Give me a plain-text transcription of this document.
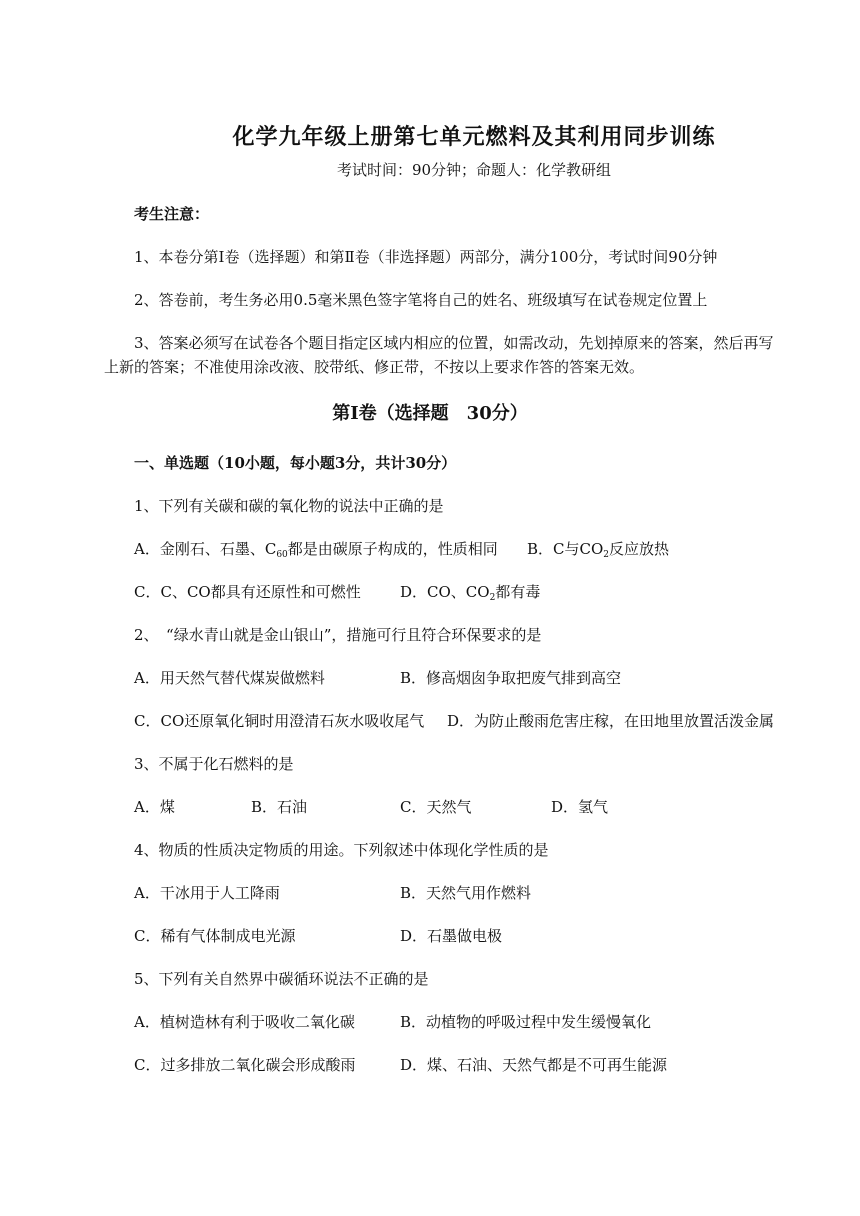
化学九年级上册第七单元燃料及其利用同步训练
考试时间：90分钟；命题人：化学教研组
考生注意：
1、本卷分第Ⅰ卷（选择题）和第Ⅱ卷（非选择题）两部分，满分100分，考试时间90分钟
2、答卷前，考生务必用0.5毫米黑色签字笔将自己的姓名、班级填写在试卷规定位置上
3、答案必须写在试卷各个题目指定区域内相应的位置，如需改动，先划掉原来的答案，然后再写
上新的答案；不准使用涂改液、胶带纸、修正带，不按以上要求作答的答案无效。
第Ⅰ卷（选择题　30分）
一、单选题（10小题，每小题3分，共计30分）
1、下列有关碳和碳的氧化物的说法中正确的是
A．金刚石、石墨、$C_{60}$都是由碳原子构成的，性质相同 B．C与$CO_2$反应放热
C．C、CO都具有还原性和可燃性	D．CO、$CO_2$都有毒
2、　“绿水青山就是金山银山”，措施可行且符合环保要求的是
A．用天然气替代煤炭做燃料	B．修高烟囱争取把废气排到高空
C．CO还原氧化铜时用澄清石灰水吸收尾气 D．为防止酸雨危害庄稼，在田地里放置活泼金属
3、不属于化石燃料的是
A．煤	B．石油	C．天然气	D．氢气
4、物质的性质决定物质的用途。下列叙述中体现化学性质的是
A．干冰用于人工降雨	B．天然气用作燃料
C．稀有气体制成电光源	D．石墨做电极
5、下列有关自然界中碳循环说法不正确的是
A．植树造林有利于吸收二氧化碳	B．动植物的呼吸过程中发生缓慢氧化
C．过多排放二氧化碳会形成酸雨	D．煤、石油、天然气都是不可再生能源
